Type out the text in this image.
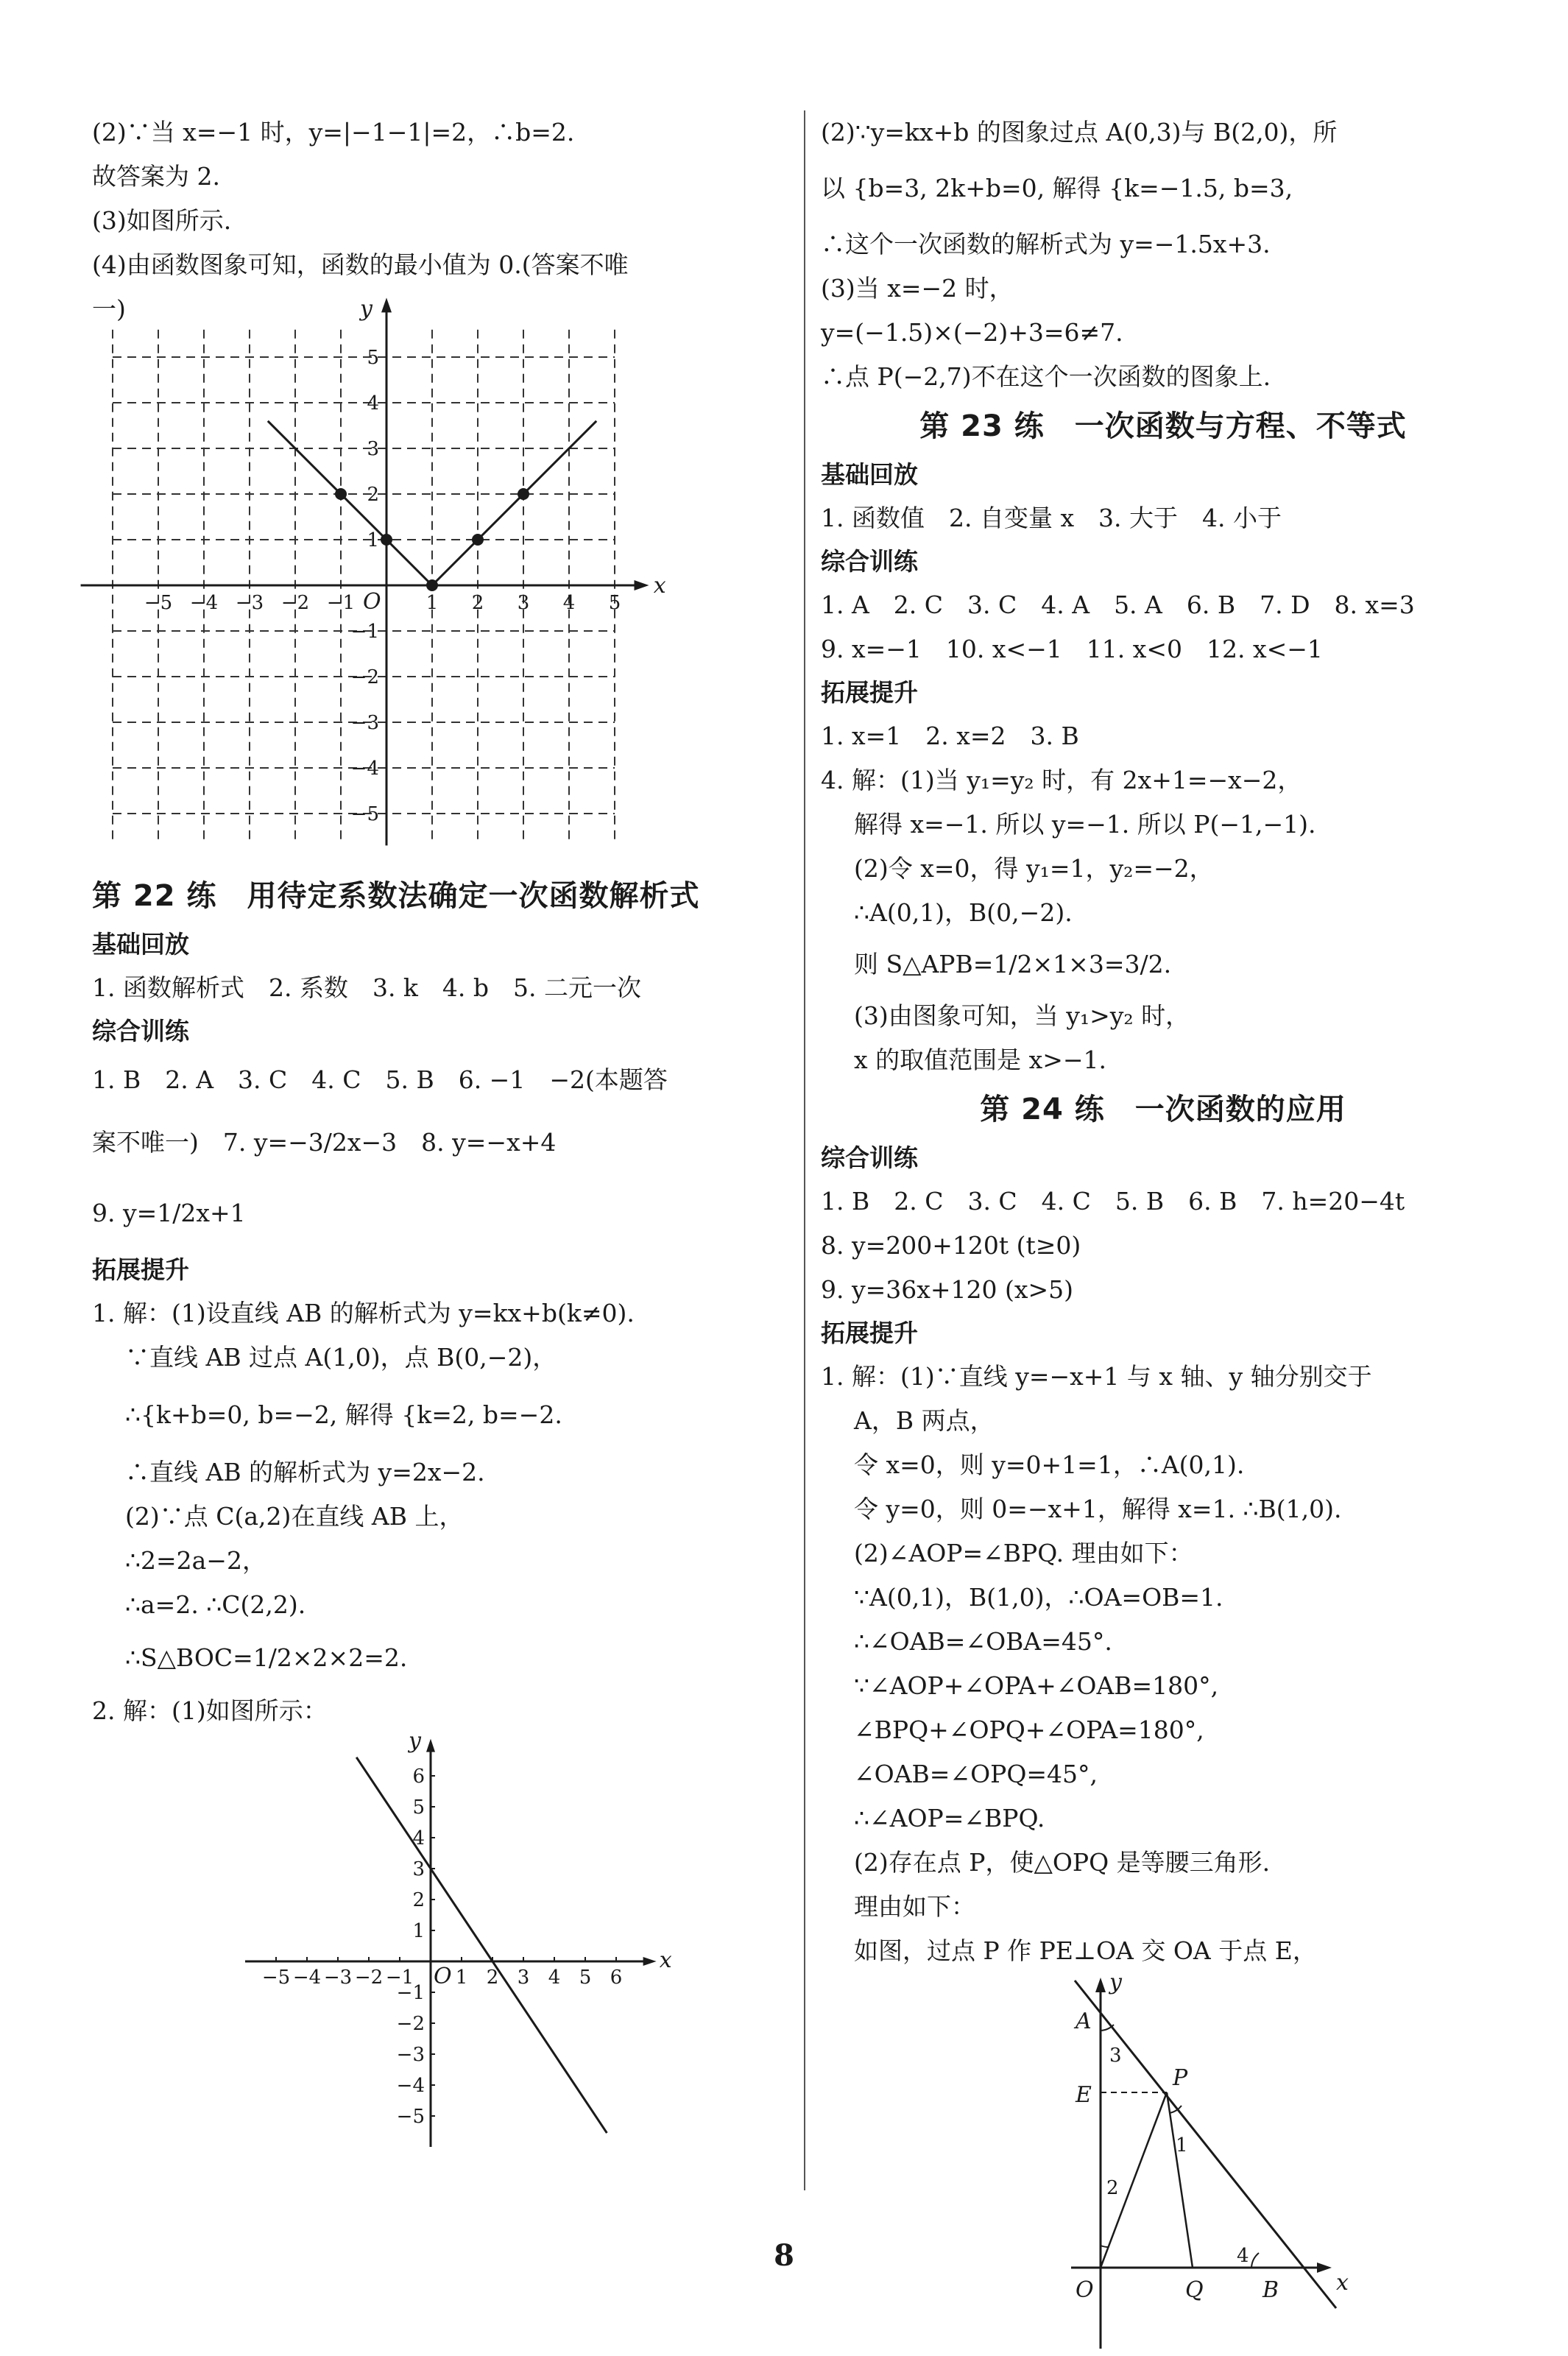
(2)∵当 x=−1 时，y=|−1−1|=2，∴b=2.
故答案为 2.
(3)如图所示.
(4)由函数图象可知，函数的最小值为 0.(答案不唯
一)
−5 −4 −3 −2 −1	1 2 3 4 5
5
4
3
2
1
−1
−2
−3
−4
−5
x
y
O
第 22 练　用待定系数法确定一次函数解析式
基础回放
1. 函数解析式　2. 系数　3. k　4. b　5. 二元一次
综合训练
1. B　2. A　3. C　4. C　5. B　6. −1　−2(本题答
案不唯一)　7. y=−3/2x−3　8. y=−x+4
9. y=1/2x+1
拓展提升
1. 解：(1)设直线 AB 的解析式为 y=kx+b(k≠0).
∵直线 AB 过点 A(1,0)，点 B(0,−2)，
∴{k+b=0, b=−2, 解得 {k=2, b=−2.
∴直线 AB 的解析式为 y=2x−2.
(2)∵点 C(a,2)在直线 AB 上，
∴2=2a−2，
∴a=2. ∴C(2,2).
∴S△BOC=1/2×2×2=2.
2. 解：(1)如图所示：
−5 −4 −3 −2 −1 1 2 3 4 5 6
6
5
4
3
2
1
−1
−2
−3
−4
−5
x
y
O
(2)∵y=kx+b 的图象过点 A(0,3)与 B(2,0)，所
以 {b=3, 2k+b=0, 解得 {k=−1.5, b=3,
∴这个一次函数的解析式为 y=−1.5x+3.
(3)当 x=−2 时，
y=(−1.5)×(−2)+3=6≠7.
∴点 P(−2,7)不在这个一次函数的图象上.
第 23 练　一次函数与方程、不等式
基础回放
1. 函数值　2. 自变量 x　3. 大于　4. 小于
综合训练
1. A　2. C　3. C　4. A　5. A　6. B　7. D　8. x=3
9. x=−1　10. x<−1　11. x<0　12. x<−1
拓展提升
1. x=1　2. x=2　3. B
4. 解：(1)当 y₁=y₂ 时，有 2x+1=−x−2，
解得 x=−1. 所以 y=−1. 所以 P(−1,−1).
(2)令 x=0，得 y₁=1，y₂=−2，
∴A(0,1)，B(0,−2).
则 S△APB=1/2×1×3=3/2.
(3)由图象可知，当 y₁>y₂ 时，
x 的取值范围是 x>−1.
第 24 练　一次函数的应用
综合训练
1. B　2. C　3. C　4. C　5. B　6. B　7. h=20−4t
8. y=200+120t (t≥0)
9. y=36x+120 (x>5)
拓展提升
1. 解：(1)∵直线 y=−x+1 与 x 轴、y 轴分别交于
A，B 两点，
令 x=0，则 y=0+1=1，∴A(0,1).
令 y=0，则 0=−x+1，解得 x=1. ∴B(1,0).
(2)∠AOP=∠BPQ. 理由如下：
∵A(0,1)，B(1,0)，∴OA=OB=1.
∴∠OAB=∠OBA=45°.
∵∠AOP+∠OPA+∠OAB=180°,
∠BPQ+∠OPQ+∠OPA=180°,
∠OAB=∠OPQ=45°,
∴∠AOP=∠BPQ.
(2)存在点 P，使△OPQ 是等腰三角形.
理由如下：
如图，过点 P 作 PE⊥OA 交 OA 于点 E，
y
x
A
E
P
O	Q	B
1
2
3
4
8
